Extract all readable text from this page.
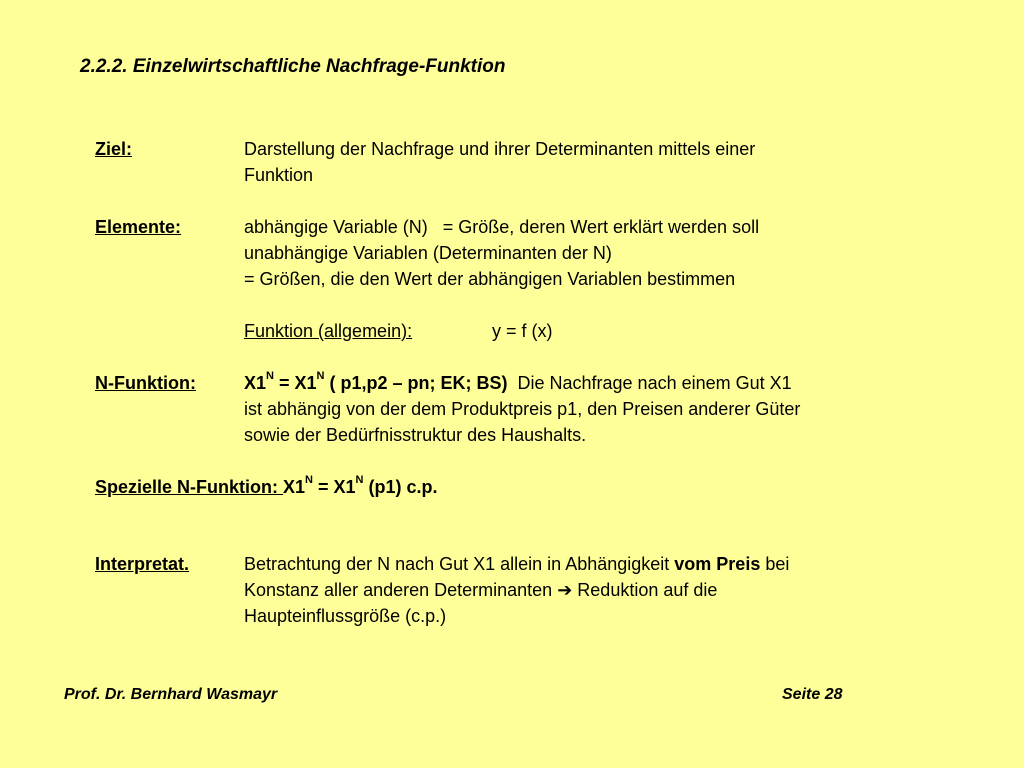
2.2.2. Einzelwirtschaftliche Nachfrage-Funktion
Ziel:	Darstellung der Nachfrage und ihrer Determinanten mittels einer
Funktion
Elemente:	abhängige Variable (N)   = Größe, deren Wert erklärt werden soll
unabhängige Variablen (Determinanten der N)
= Größen, die den Wert der abhängigen Variablen bestimmen
Funktion (allgemein):	y = f (x)
N-Funktion:	$X1^N = X1^N$ ( p1,p2 – pn; EK; BS) Die Nachfrage nach einem Gut X1
ist abhängig von der dem Produktpreis p1, den Preisen anderer Güter
sowie der Bedürfnisstruktur des Haushalts.
Spezielle N-Funktion: $X1^N = X1^N$ (p1) c.p.
Interpretat.	Betrachtung der N nach Gut X1 allein in Abhängigkeit vom Preis bei
Konstanz aller anderen Determinanten ➔ Reduktion auf die
Haupteinflussgröße (c.p.)
Prof. Dr. Bernhard Wasmayr	Seite 28
